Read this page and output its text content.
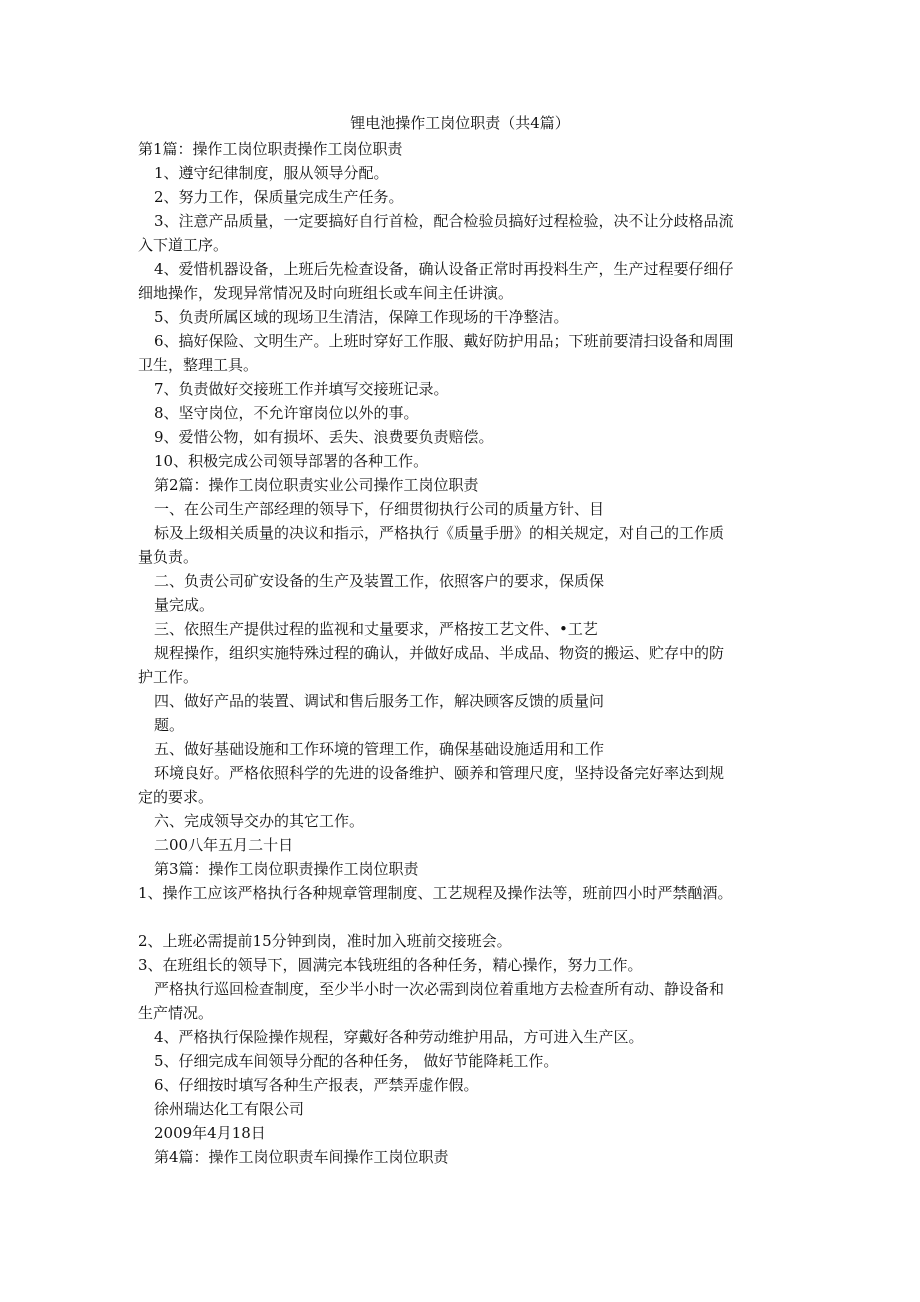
锂电池操作工岗位职责（共4篇）
第1篇：操作工岗位职责操作工岗位职责
1、遵守纪律制度，服从领导分配。
2、努力工作，保质量完成生产任务。
3、注意产品质量，一定要搞好自行首检，配合检验员搞好过程检验，决不让分歧格品流
入下道工序。
4、爱惜机器设备，上班后先检查设备，确认设备正常时再投料生产，生产过程要仔细仔
细地操作，发现异常情况及时向班组长或车间主任讲演。
5、负责所属区域的现场卫生清洁，保障工作现场的干净整洁。
6、搞好保险、文明生产。上班时穿好工作服、戴好防护用品；下班前要清扫设备和周围
卫生，整理工具。
7、负责做好交接班工作并填写交接班记录。
8、坚守岗位，不允许窜岗位以外的事。
9、爱惜公物，如有损坏、丢失、浪费要负责赔偿。
10、积极完成公司领导部署的各种工作。
第2篇：操作工岗位职责实业公司操作工岗位职责
一、在公司生产部经理的领导下，仔细贯彻执行公司的质量方针、目
标及上级相关质量的决议和指示，严格执行《质量手册》的相关规定，对自己的工作质
量负责。
二、负责公司矿安设备的生产及装置工作，依照客户的要求，保质保
量完成。
三、依照生产提供过程的监视和丈量要求，严格按工艺文件、•工艺
规程操作，组织实施特殊过程的确认，并做好成品、半成品、物资的搬运、贮存中的防
护工作。
四、做好产品的装置、调试和售后服务工作，解决顾客反馈的质量问
题。
五、做好基础设施和工作环境的管理工作，确保基础设施适用和工作
环境良好。严格依照科学的先进的设备维护、颐养和管理尺度，坚持设备完好率达到规
定的要求。
六、完成领导交办的其它工作。
二00八年五月二十日
第3篇：操作工岗位职责操作工岗位职责
1、操作工应该严格执行各种规章管理制度、工艺规程及操作法等，班前四小时严禁酗酒。
2、上班必需提前15分钟到岗，准时加入班前交接班会。
3、在班组长的领导下，圆满完本钱班组的各种任务，精心操作，努力工作。
严格执行巡回检查制度，至少半小时一次必需到岗位着重地方去检查所有动、静设备和
生产情况。
4、严格执行保险操作规程，穿戴好各种劳动维护用品，方可进入生产区。
5、仔细完成车间领导分配的各种任务， 做好节能降耗工作。
6、仔细按时填写各种生产报表，严禁弄虚作假。
徐州瑞达化工有限公司
2009年4月18日
第4篇：操作工岗位职责车间操作工岗位职责
